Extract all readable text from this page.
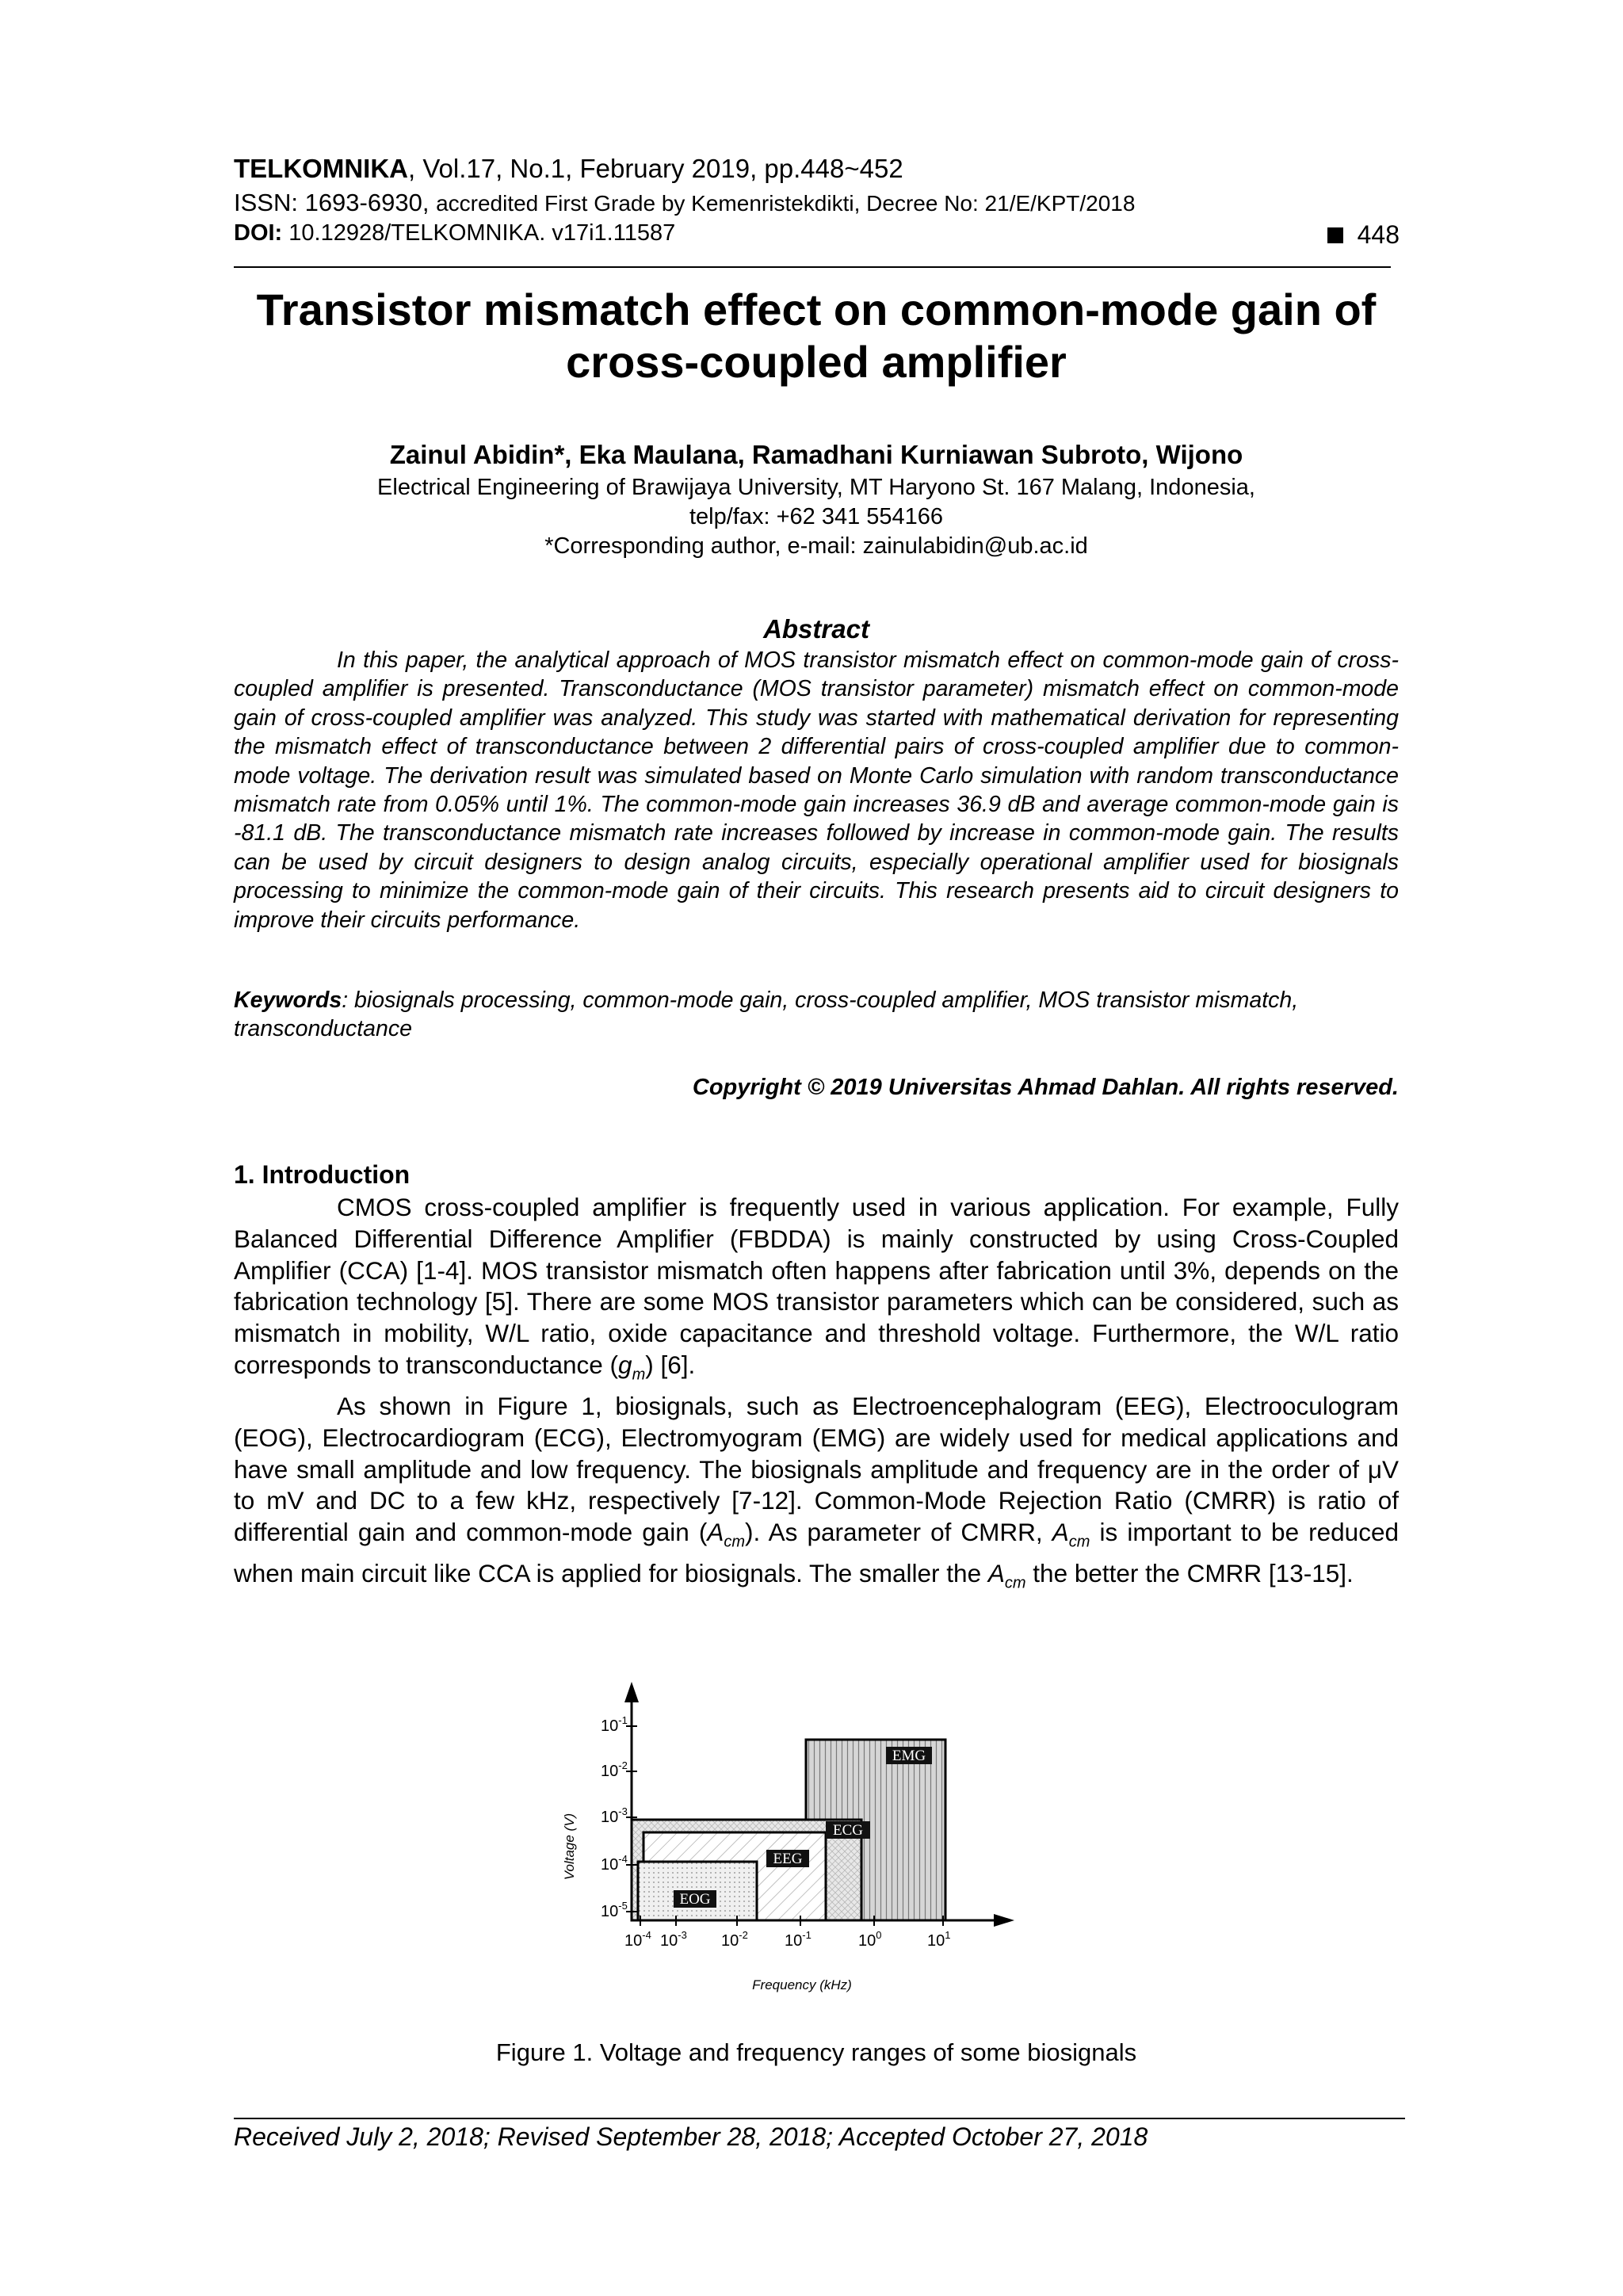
TELKOMNIKA, Vol.17, No.1, February 2019, pp.448~452
ISSN: 1693-6930, accredited First Grade by Kemenristekdikti, Decree No: 21/E/KPT/2018
DOI: 10.12928/TELKOMNIKA. v17i1.11587	448
Transistor mismatch effect on common-mode gain of cross-coupled amplifier
Zainul Abidin*, Eka Maulana, Ramadhani Kurniawan Subroto, Wijono
Electrical Engineering of Brawijaya University, MT Haryono St. 167 Malang, Indonesia,
telp/fax: +62 341 554166
*Corresponding author, e-mail: zainulabidin@ub.ac.id
Abstract
In this paper, the analytical approach of MOS transistor mismatch effect on common-mode gain of cross-coupled amplifier is presented. Transconductance (MOS transistor parameter) mismatch effect on common-mode gain of cross-coupled amplifier was analyzed. This study was started with mathematical derivation for representing the mismatch effect of transconductance between 2 differential pairs of cross-coupled amplifier due to common-mode voltage. The derivation result was simulated based on Monte Carlo simulation with random transconductance mismatch rate from 0.05% until 1%. The common-mode gain increases 36.9 dB and average common-mode gain is -81.1 dB. The transconductance mismatch rate increases followed by increase in common-mode gain. The results can be used by circuit designers to design analog circuits, especially operational amplifier used for biosignals processing to minimize the common-mode gain of their circuits. This research presents aid to circuit designers to improve their circuits performance.
Keywords: biosignals processing, common-mode gain, cross-coupled amplifier, MOS transistor mismatch, transconductance
Copyright © 2019 Universitas Ahmad Dahlan. All rights reserved.
1. Introduction

CMOS cross-coupled amplifier is frequently used in various application. For example, Fully Balanced Differential Difference Amplifier (FBDDA) is mainly constructed by using Cross-Coupled Amplifier (CCA) [1-4]. MOS transistor mismatch often happens after fabrication until 3%, depends on the fabrication technology [5]. There are some MOS transistor parameters which can be considered, such as mismatch in mobility, W/L ratio, oxide capacitance and threshold voltage. Furthermore, the W/L ratio corresponds to transconductance $(g_m)$ [6].

As shown in Figure 1, biosignals, such as Electroencephalogram (EEG), Electrooculogram (EOG), Electrocardiogram (ECG), Electromyogram (EMG) are widely used for medical applications and have small amplitude and low frequency. The biosignals amplitude and frequency are in the order of μV to mV and DC to a few kHz, respectively [7-12]. Common-Mode Rejection Ratio (CMRR) is ratio of differential gain and common-mode gain $(A_{cm})$. As parameter of CMRR, $A_{cm}$ is important to be reduced when main circuit like CCA is applied for biosignals. The smaller the $A_{cm}$ the better the CMRR [13-15].

EMG
ECG
EEG
EOG
$10^{-1}$
$10^{-2}$
$10^{-3}$
$10^{-4}$
$10^{-5}$
$10^{-4}$ $10^{-3}$ $10^{-2}$ $10^{-1}$	$10^0$	$10^1$
Voltage (V)
Frequency (kHz)
Figure 1. Voltage and frequency ranges of some biosignals
Received July 2, 2018; Revised September 28, 2018; Accepted October 27, 2018
